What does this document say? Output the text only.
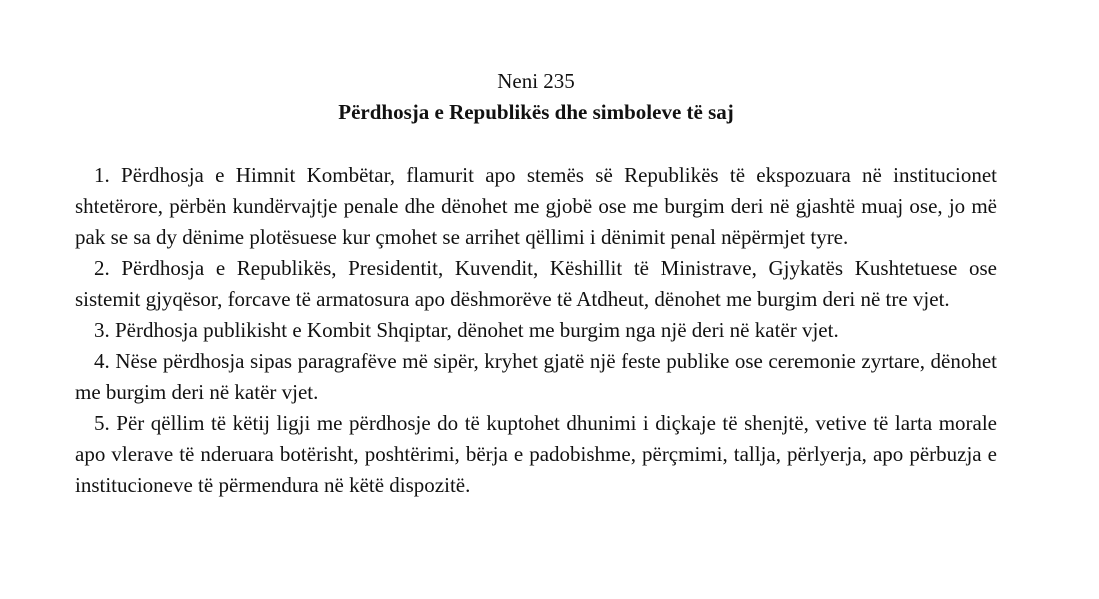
Neni 235
Përdhosja e Republikës dhe simboleve të saj

1. Përdhosja e Himnit Kombëtar, flamurit apo stemës së Republikës të ekspozuara në institucionet shtetërore, përbën kundërvajtje penale dhe dënohet me gjobë ose me burgim deri në gjashtë muaj ose, jo më pak se sa dy dënime plotësuese kur çmohet se arrihet qëllimi i dënimit penal nëpërmjet tyre.

2. Përdhosja e Republikës, Presidentit, Kuvendit, Këshillit të Ministrave, Gjykatës Kushtetuese ose sistemit gjyqësor, forcave të armatosura apo dëshmorëve të Atdheut, dënohet me burgim deri në tre vjet.

3. Përdhosja publikisht e Kombit Shqiptar, dënohet me burgim nga një deri në katër vjet.

4. Nëse përdhosja sipas paragrafëve më sipër, kryhet gjatë një feste publike ose ceremonie zyrtare, dënohet me burgim deri në katër vjet.

5. Për qëllim të këtij ligji me përdhosje do të kuptohet dhunimi i diçkaje të shenjtë, vetive të larta morale apo vlerave të nderuara botërisht, poshtërimi, bërja e padobishme, përçmimi, tallja, përlyerja, apo përbuzja e institucioneve të përmendura në këtë dispozitë.
